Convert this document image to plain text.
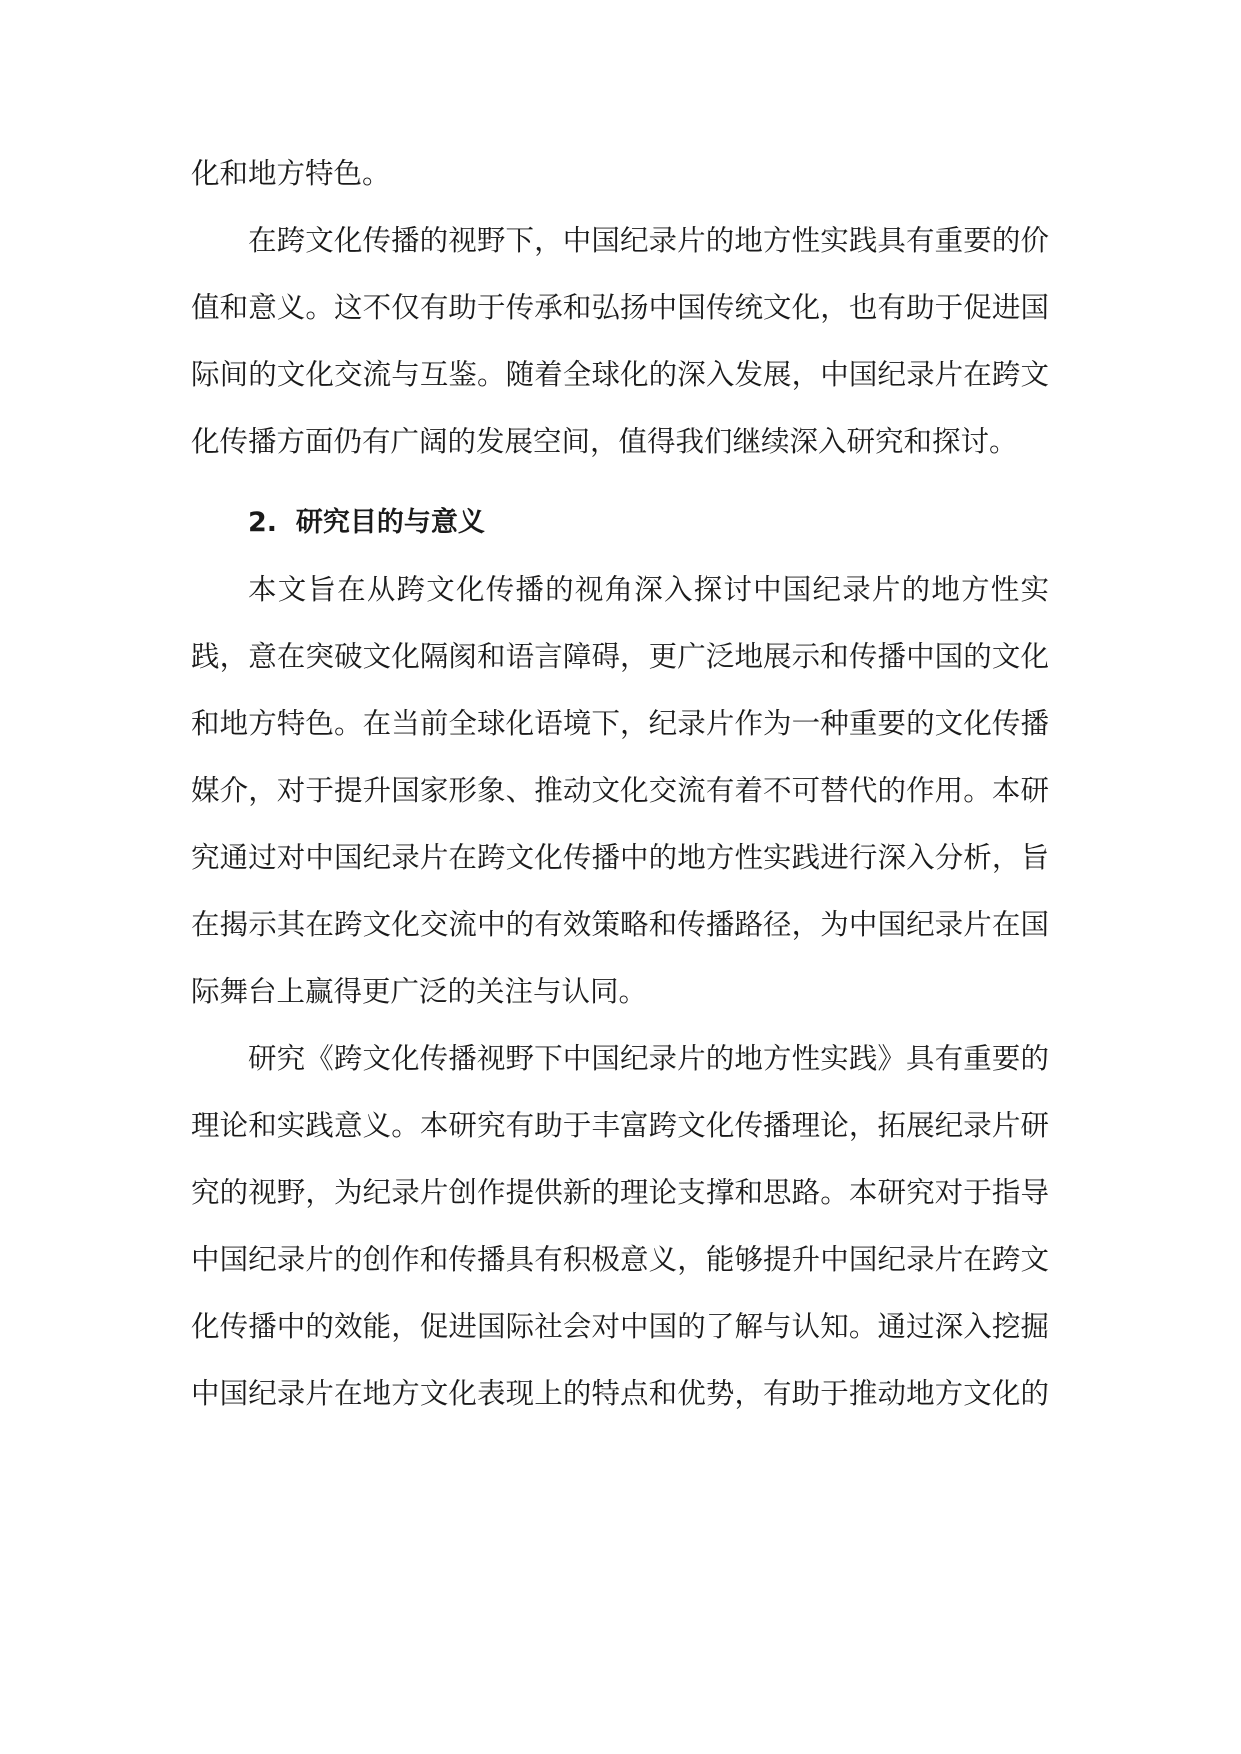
化和地方特色。
在跨文化传播的视野下，中国纪录片的地方性实践具有重要的价
值和意义。这不仅有助于传承和弘扬中国传统文化，也有助于促进国
际间的文化交流与互鉴。随着全球化的深入发展，中国纪录片在跨文
化传播方面仍有广阔的发展空间，值得我们继续深入研究和探讨。
2.  研究目的与意义
本文旨在从跨文化传播的视角深入探讨中国纪录片的地方性实
践，意在突破文化隔阂和语言障碍，更广泛地展示和传播中国的文化
和地方特色。在当前全球化语境下，纪录片作为一种重要的文化传播
媒介，对于提升国家形象、推动文化交流有着不可替代的作用。本研
究通过对中国纪录片在跨文化传播中的地方性实践进行深入分析，旨
在揭示其在跨文化交流中的有效策略和传播路径，为中国纪录片在国
际舞台上赢得更广泛的关注与认同。
研究《跨文化传播视野下中国纪录片的地方性实践》具有重要的
理论和实践意义。本研究有助于丰富跨文化传播理论，拓展纪录片研
究的视野，为纪录片创作提供新的理论支撑和思路。本研究对于指导
中国纪录片的创作和传播具有积极意义，能够提升中国纪录片在跨文
化传播中的效能，促进国际社会对中国的了解与认知。通过深入挖掘
中国纪录片在地方文化表现上的特点和优势，有助于推动地方文化的
